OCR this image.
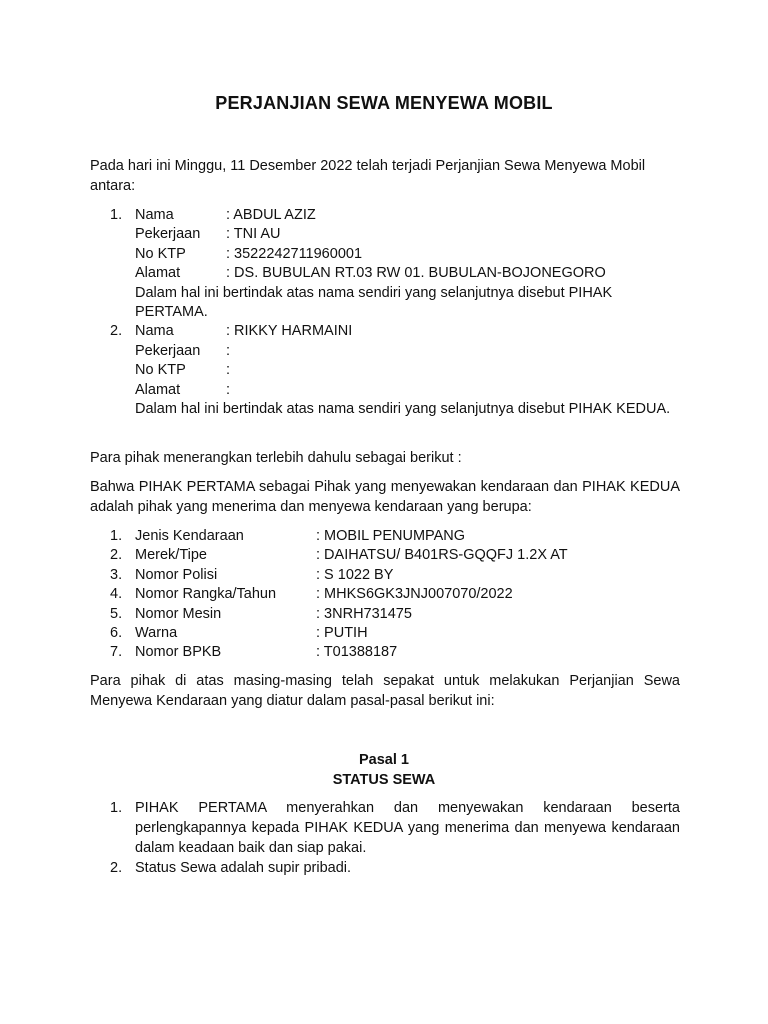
PERJANJIAN SEWA MENYEWA MOBIL
Pada hari ini Minggu, 11 Desember 2022 telah terjadi Perjanjian Sewa Menyewa Mobil antara:
1. Nama	: ABDUL AZIZ
Pekerjaan	: TNI AU
No KTP	: 3522242711960001
Alamat	: DS. BUBULAN RT.03 RW 01. BUBULAN-BOJONEGORO
Dalam hal ini bertindak atas nama sendiri yang selanjutnya disebut PIHAK PERTAMA.
2. Nama	: RIKKY HARMAINI
Pekerjaan	:
No KTP	:
Alamat	:
Dalam hal ini bertindak atas nama sendiri yang selanjutnya disebut PIHAK KEDUA.
Para pihak menerangkan terlebih dahulu sebagai berikut :
Bahwa PIHAK PERTAMA sebagai Pihak yang menyewakan kendaraan dan PIHAK KEDUA adalah pihak yang menerima dan menyewa kendaraan yang berupa:
1. Jenis Kendaraan	: MOBIL PENUMPANG
2. Merek/Tipe	: DAIHATSU/ B401RS-GQQFJ 1.2X AT
3. Nomor Polisi	: S 1022 BY
4. Nomor Rangka/Tahun	: MHKS6GK3JNJ007070/2022
5. Nomor Mesin	: 3NRH731475
6. Warna	: PUTIH
7. Nomor BPKB	: T01388187
Para pihak di atas masing-masing telah sepakat untuk melakukan Perjanjian Sewa Menyewa Kendaraan yang diatur dalam pasal-pasal berikut ini:
Pasal 1
STATUS SEWA
1. PIHAK PERTAMA menyerahkan dan menyewakan kendaraan beserta perlengkapannya kepada PIHAK KEDUA yang menerima dan menyewa kendaraan dalam keadaan baik dan siap pakai.
2. Status Sewa adalah supir pribadi.
